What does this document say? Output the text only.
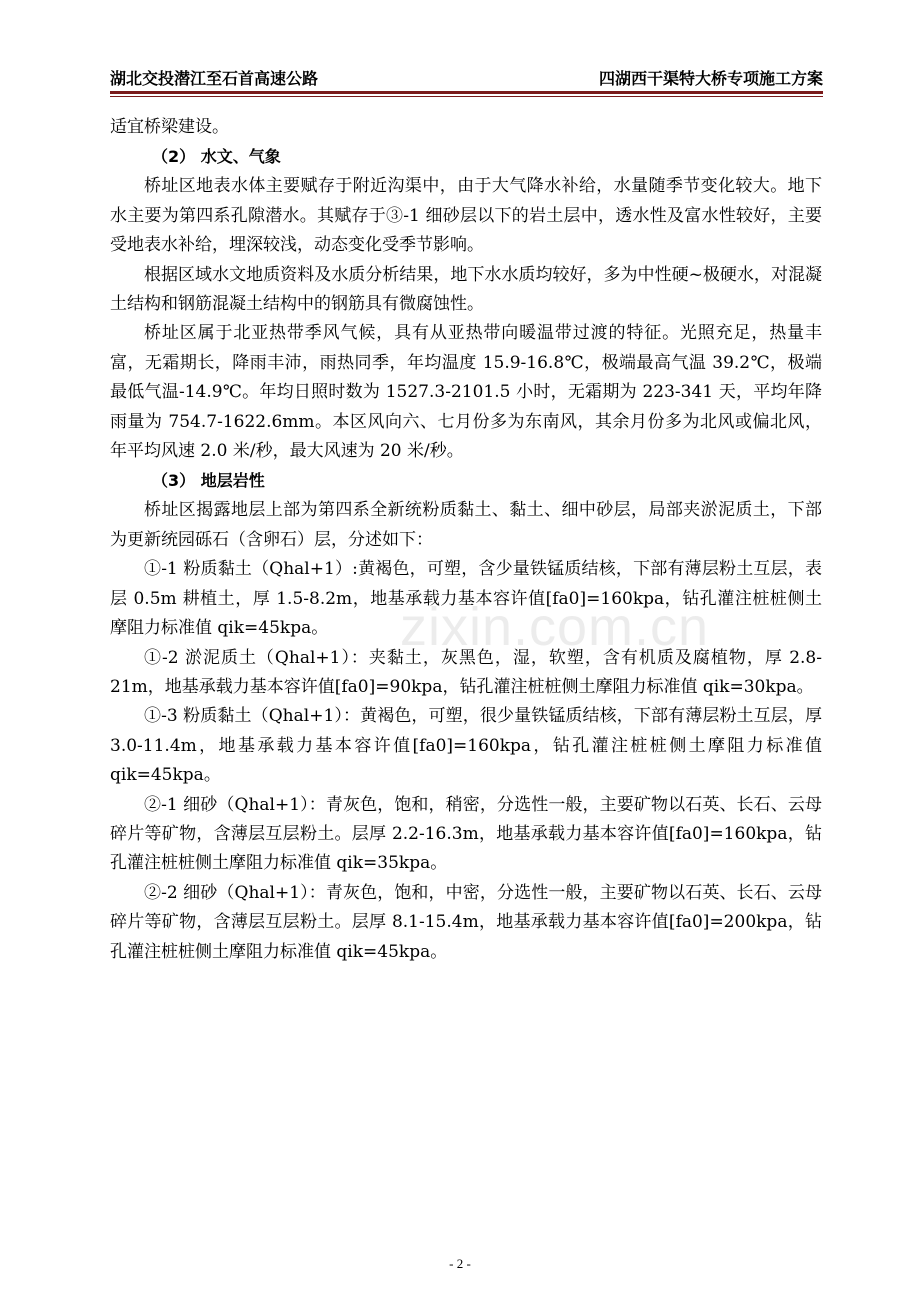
湖北交投潜江至石首高速公路	四湖西干渠特大桥专项施工方案

适宜桥梁建设。

（2） 水文、气象

桥址区地表水体主要赋存于附近沟渠中，由于大气降水补给，水量随季节变化较大。地下水主要为第四系孔隙潜水。其赋存于③-1 细砂层以下的岩土层中，透水性及富水性较好，主要受地表水补给，埋深较浅，动态变化受季节影响。

根据区域水文地质资料及水质分析结果，地下水水质均较好，多为中性硬~极硬水，对混凝土结构和钢筋混凝土结构中的钢筋具有微腐蚀性。

桥址区属于北亚热带季风气候，具有从亚热带向暖温带过渡的特征。光照充足，热量丰富，无霜期长，降雨丰沛，雨热同季，年均温度 15.9-16.8℃，极端最高气温 39.2℃，极端最低气温-14.9℃。年均日照时数为 1527.3-2101.5 小时，无霜期为 223-341 天，平均年降雨量为 754.7-1622.6mm。本区风向六、七月份多为东南风，其余月份多为北风或偏北风，年平均风速 2.0 米/秒，最大风速为 20 米/秒。

（3） 地层岩性

桥址区揭露地层上部为第四系全新统粉质黏土、黏土、细中砂层，局部夹淤泥质土，下部为更新统园砾石（含卵石）层，分述如下：

①-1 粉质黏土（Qhal+1）:黄褐色，可塑，含少量铁锰质结核，下部有薄层粉土互层，表层 0.5m 耕植土，厚 1.5-8.2m，地基承载力基本容许值[fa0]=160kpa，钻孔灌注桩桩侧土摩阻力标准值 qik=45kpa。

①-2 淤泥质土（Qhal+1）：夹黏土，灰黑色，湿，软塑，含有机质及腐植物，厚 2.8-21m，地基承载力基本容许值[fa0]=90kpa，钻孔灌注桩桩侧土摩阻力标准值 qik=30kpa。

①-3 粉质黏土（Qhal+1）：黄褐色，可塑，很少量铁锰质结核，下部有薄层粉土互层，厚 3.0-11.4m，地基承载力基本容许值[fa0]=160kpa，钻孔灌注桩桩侧土摩阻力标准值 qik=45kpa。

②-1 细砂（Qhal+1）：青灰色，饱和，稍密，分选性一般，主要矿物以石英、长石、云母碎片等矿物，含薄层互层粉土。层厚 2.2-16.3m，地基承载力基本容许值[fa0]=160kpa，钻孔灌注桩桩侧土摩阻力标准值 qik=35kpa。

②-2 细砂（Qhal+1）：青灰色，饱和，中密，分选性一般，主要矿物以石英、长石、云母碎片等矿物，含薄层互层粉土。层厚 8.1-15.4m，地基承载力基本容许值[fa0]=200kpa，钻孔灌注桩桩侧土摩阻力标准值 qik=45kpa。

zixin.com.cn
- 2 -
